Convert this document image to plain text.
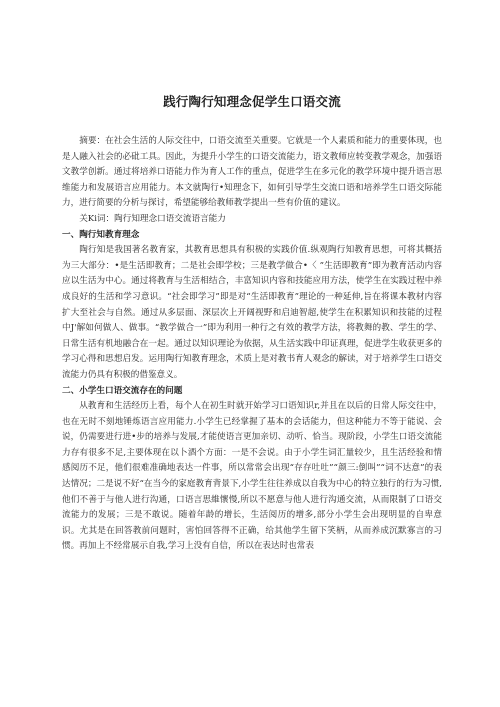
践行陶行知理念促学生口语交流

摘要：在社会生活的人际交往中，口语交流至关重要。它就是一个人素质和能力的重要体现，也是人融入社会的必砒工具。因此，为提升小学生的口语交流能力，语文教师应转变教学观念，加强语文教学创新。通过将培养口语能力作为育人工作的重点，促进学生在多元化的教学环境中提升语言思维能力和发展语言应用能力。本文就陶行•知理念下，如何引导学生交流口语和培养学生口语交际能力，进行简要的分析与探讨，希望能够给教师教学提出一些有价值的建议。

关Ki词：陶行知理念口语交流语言能力

一、陶行知教育理念

陶行知是我国著名教育家，其教育思想具有积极的实践价值.纵观陶行知教育思想，可将其概括为三大部分：•是生活即教育；二是社会即学校；三是教学做合•〈 ”生活即教育”即为教育活动内容应以生活为中心。通过将教育与生活相结合，丰富知识内容和技能应用方法，使学生在实践过程中养成良好的生活和学习意识。“社会即学习”即是对“生活即教育”理论的一种延伸,旨在将课本教材内容扩大至社会与自然。通过从多层面、深层次上开阔视野和启迪智超,使学生在积累知识和技能的过程中J'解如何做人、做事。“教学做合一”即为利用一种行之有效的教学方法，将教舞的教、学生的学、日常生活有机地融合在一起。通过以知识理论为依据，从生活实践中印证真理，促进学生收获更多的学习心得和思想启发。运用陶行知教育理念，术质上是对教书育人观念的解读，对于培养学生口语交流能力仍具有积极的借鉴意义。

二、小学生口语交流存在的问题

从教育和生活经历上看，每个人在初生时就开始学习口语知识r,并且在以后的日常人际交往中，也在无时不刻地锤炼语言应用能力.小学生已经掌握了基本的会话能力，但这种能力不等于能说、会说，仍需要进行进•步的培养与发展,才能使语言更加亲切、动听、恰当。现阶段，小学生口语交流能力存有很多不足,主要体现在以卜酒个方面：一是不会说。由于小学生词汇量较少，且生活经验和情感阅历不足，他们很难准确地表达一件事，所以常常会出现“存存吐吐”“颜三:倒叫”“词不达意”的表达情况；二是说不好“在当今的家庭教育背景下,小学生往往养成以自我为中心的特立独行的行为习惯,他们不善于与他人进行沟通，口语言思維懷慢,所以不愿意与他人进行沟通交流，从而限制了口语交流能力的发展；三是不敢说。随着年龄的增长，生活阅历的增多,部分小学生会出现明显的自卑意识。尤其是在回答教前问题时，害怕回答得不正确，给其他学生留下笑柄，从而养成沉默寡言的习惯。再加上不经常展示自我,学习上没有自信，所以在表达时也常表
